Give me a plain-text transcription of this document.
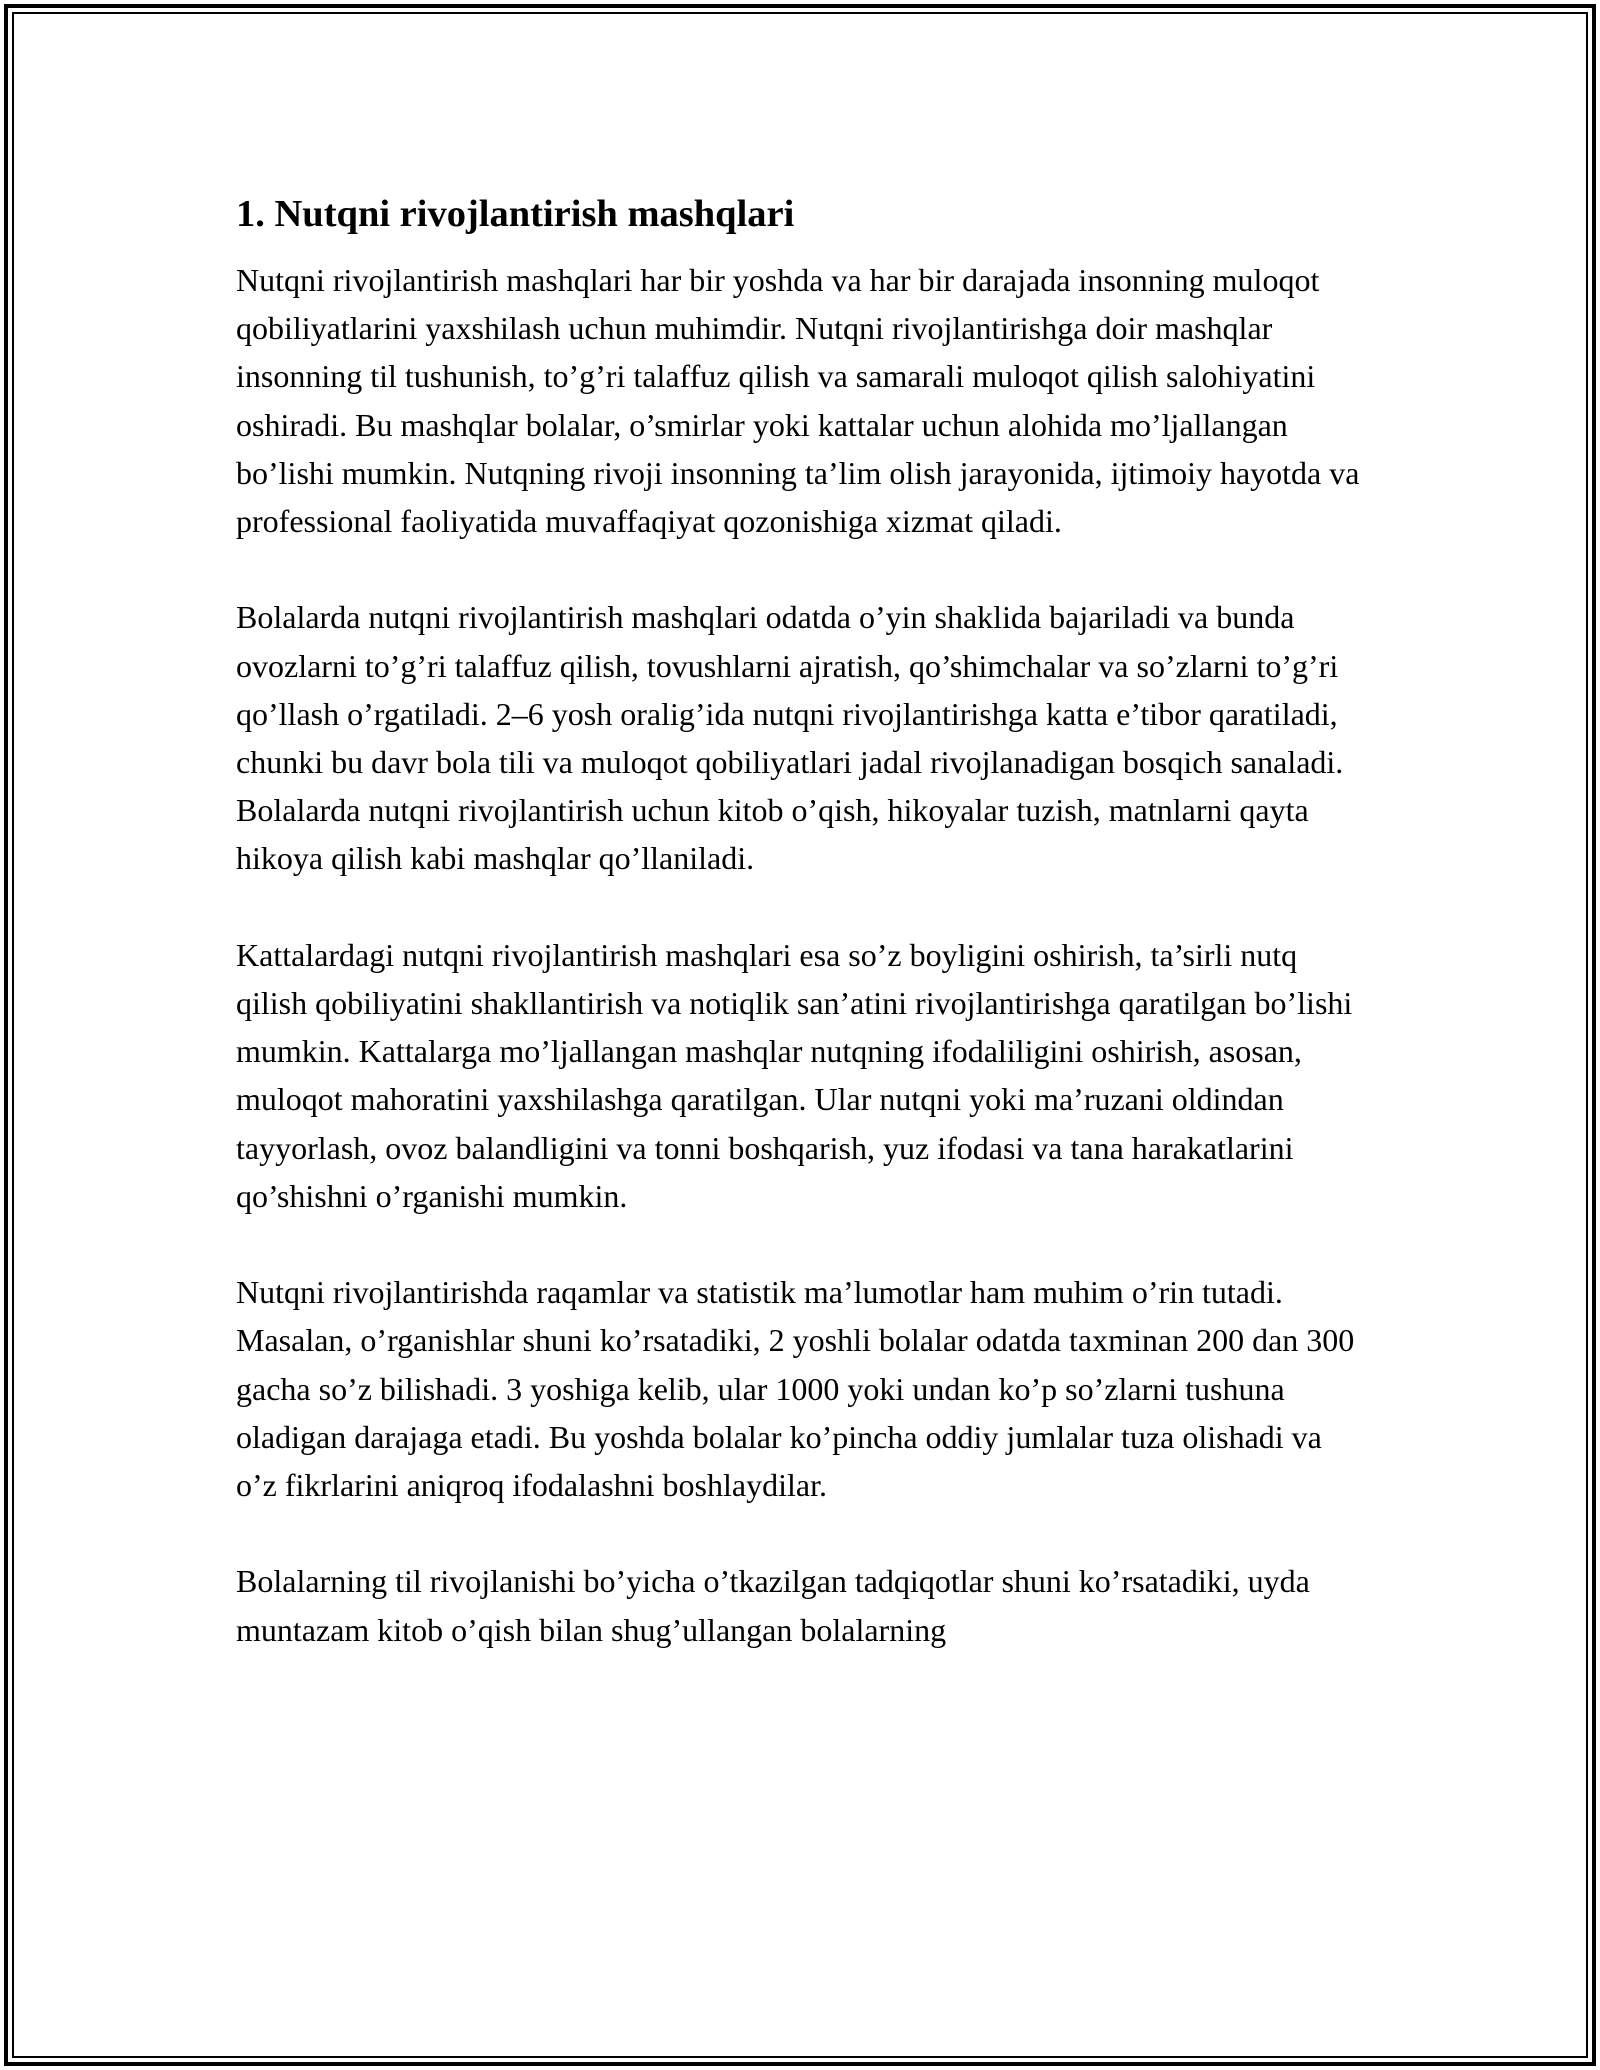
1. Nutqni rivojlantirish mashqlari

Nutqni rivojlantirish mashqlari har bir yoshda va har bir darajada insonning muloqot qobiliyatlarini yaxshilash uchun muhimdir. Nutqni rivojlantirishga doir mashqlar insonning til tushunish, to’g’ri talaffuz qilish va samarali muloqot qilish salohiyatini oshiradi. Bu mashqlar bolalar, o’smirlar yoki kattalar uchun alohida mo’ljallangan bo’lishi mumkin. Nutqning rivoji insonning ta’lim olish jarayonida, ijtimoiy hayotda va professional faoliyatida muvaffaqiyat qozonishiga xizmat qiladi.

Bolalarda nutqni rivojlantirish mashqlari odatda o’yin shaklida bajariladi va bunda ovozlarni to’g’ri talaffuz qilish, tovushlarni ajratish, qo’shimchalar va so’zlarni to’g’ri qo’llash o’rgatiladi. 2–6 yosh oralig’ida nutqni rivojlantirishga katta e’tibor qaratiladi, chunki bu davr bola tili va muloqot qobiliyatlari jadal rivojlanadigan bosqich sanaladi. Bolalarda nutqni rivojlantirish uchun kitob o’qish, hikoyalar tuzish, matnlarni qayta hikoya qilish kabi mashqlar qo’llaniladi.

Kattalardagi nutqni rivojlantirish mashqlari esa so’z boyligini oshirish, ta’sirli nutq qilish qobiliyatini shakllantirish va notiqlik san’atini rivojlantirishga qaratilgan bo’lishi mumkin. Kattalarga mo’ljallangan mashqlar nutqning ifodaliligini oshirish, asosan, muloqot mahoratini yaxshilashga qaratilgan. Ular nutqni yoki ma’ruzani oldindan tayyorlash, ovoz balandligini va tonni boshqarish, yuz ifodasi va tana harakatlarini qo’shishni o’rganishi mumkin.

Nutqni rivojlantirishda raqamlar va statistik ma’lumotlar ham muhim o’rin tutadi. Masalan, o’rganishlar shuni ko’rsatadiki, 2 yoshli bolalar odatda taxminan 200 dan 300 gacha so’z bilishadi. 3 yoshiga kelib, ular 1000 yoki undan ko’p so’zlarni tushuna oladigan darajaga etadi. Bu yoshda bolalar ko’pincha oddiy jumlalar tuza olishadi va o’z fikrlarini aniqroq ifodalashni boshlaydilar.

Bolalarning til rivojlanishi bo’yicha o’tkazilgan tadqiqotlar shuni ko’rsatadiki, uyda muntazam kitob o’qish bilan shug’ullangan bolalarning
